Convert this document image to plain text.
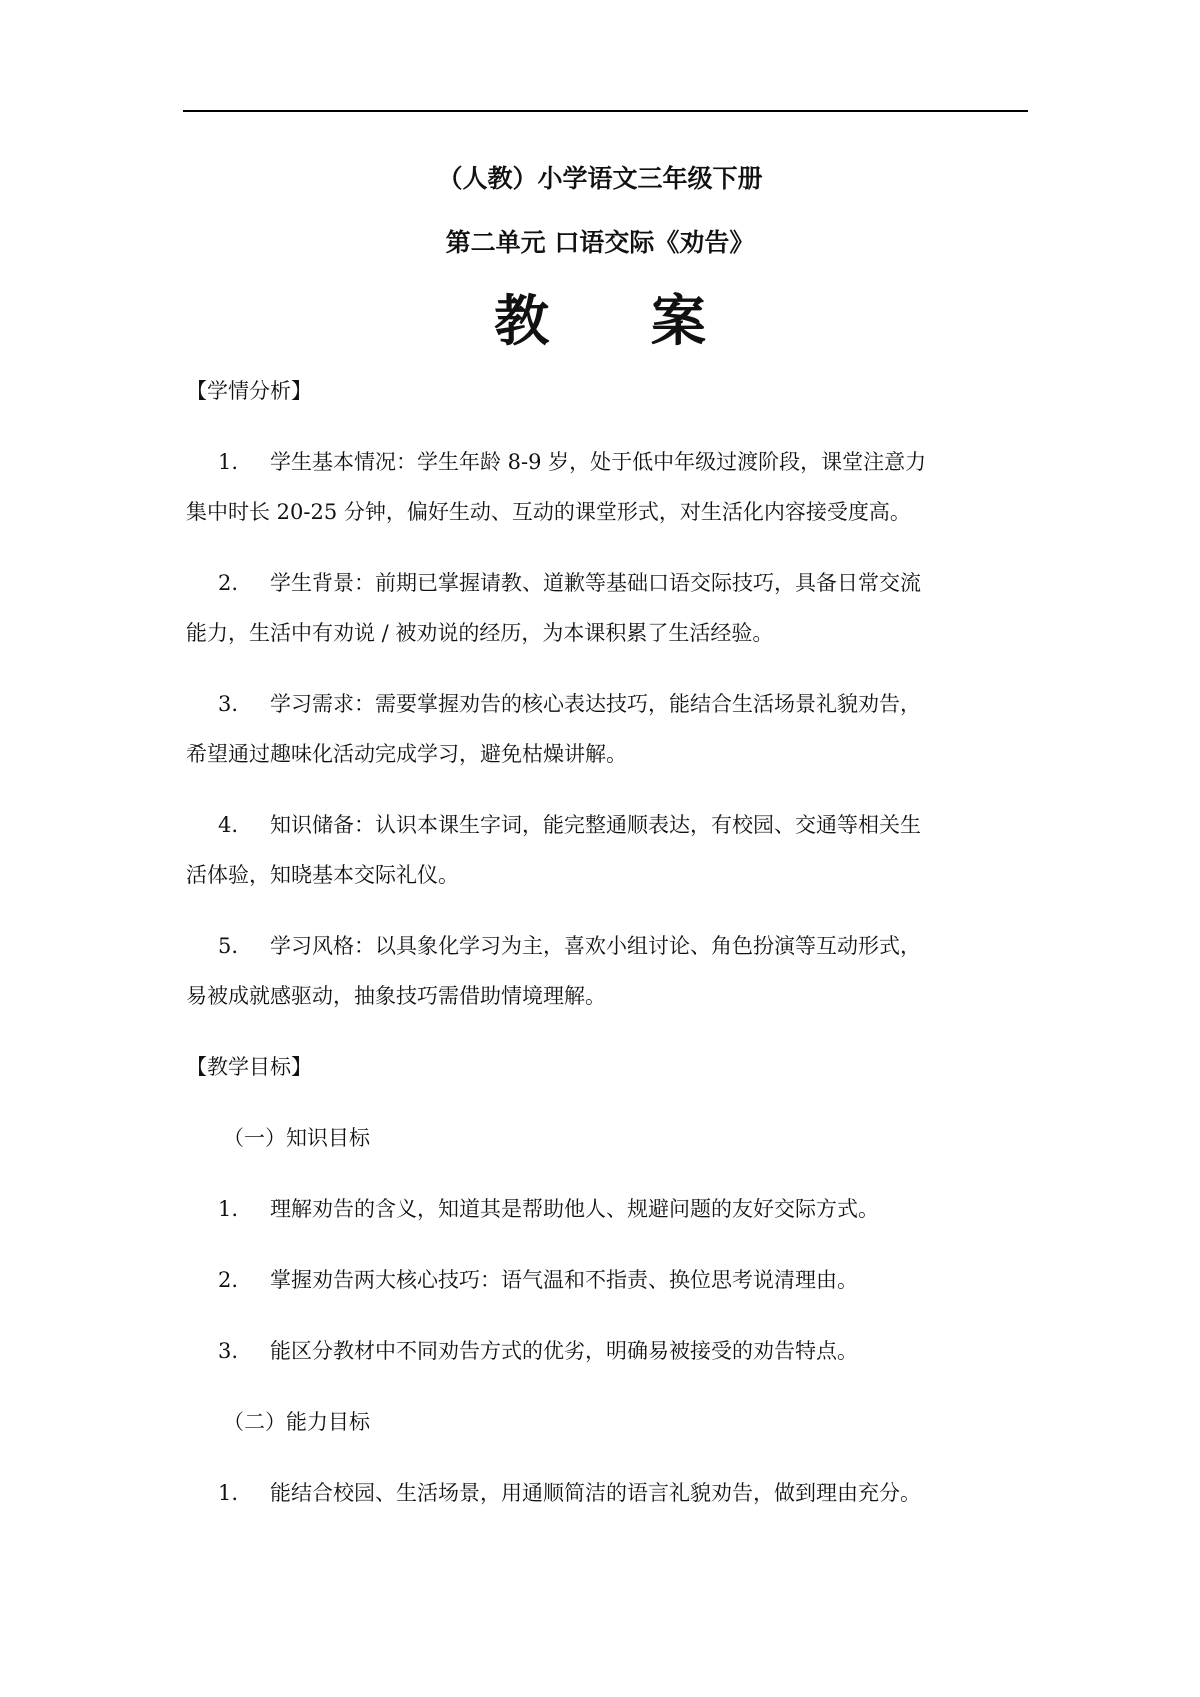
（人教）小学语文三年级下册
第二单元 口语交际《劝告》
教 案
【学情分析】
1. 学生基本情况：学生年龄 8-9 岁，处于低中年级过渡阶段，课堂注意力
集中时长 20-25 分钟，偏好生动、互动的课堂形式，对生活化内容接受度高。
2. 学生背景：前期已掌握请教、道歉等基础口语交际技巧，具备日常交流
能力，生活中有劝说 / 被劝说的经历，为本课积累了生活经验。
3. 学习需求：需要掌握劝告的核心表达技巧，能结合生活场景礼貌劝告，
希望通过趣味化活动完成学习，避免枯燥讲解。
4. 知识储备：认识本课生字词，能完整通顺表达，有校园、交通等相关生
活体验，知晓基本交际礼仪。
5. 学习风格：以具象化学习为主，喜欢小组讨论、角色扮演等互动形式，
易被成就感驱动，抽象技巧需借助情境理解。
【教学目标】
（一）知识目标
1. 理解劝告的含义，知道其是帮助他人、规避问题的友好交际方式。
2. 掌握劝告两大核心技巧：语气温和不指责、换位思考说清理由。
3. 能区分教材中不同劝告方式的优劣，明确易被接受的劝告特点。
（二）能力目标
1. 能结合校园、生活场景，用通顺简洁的语言礼貌劝告，做到理由充分。
